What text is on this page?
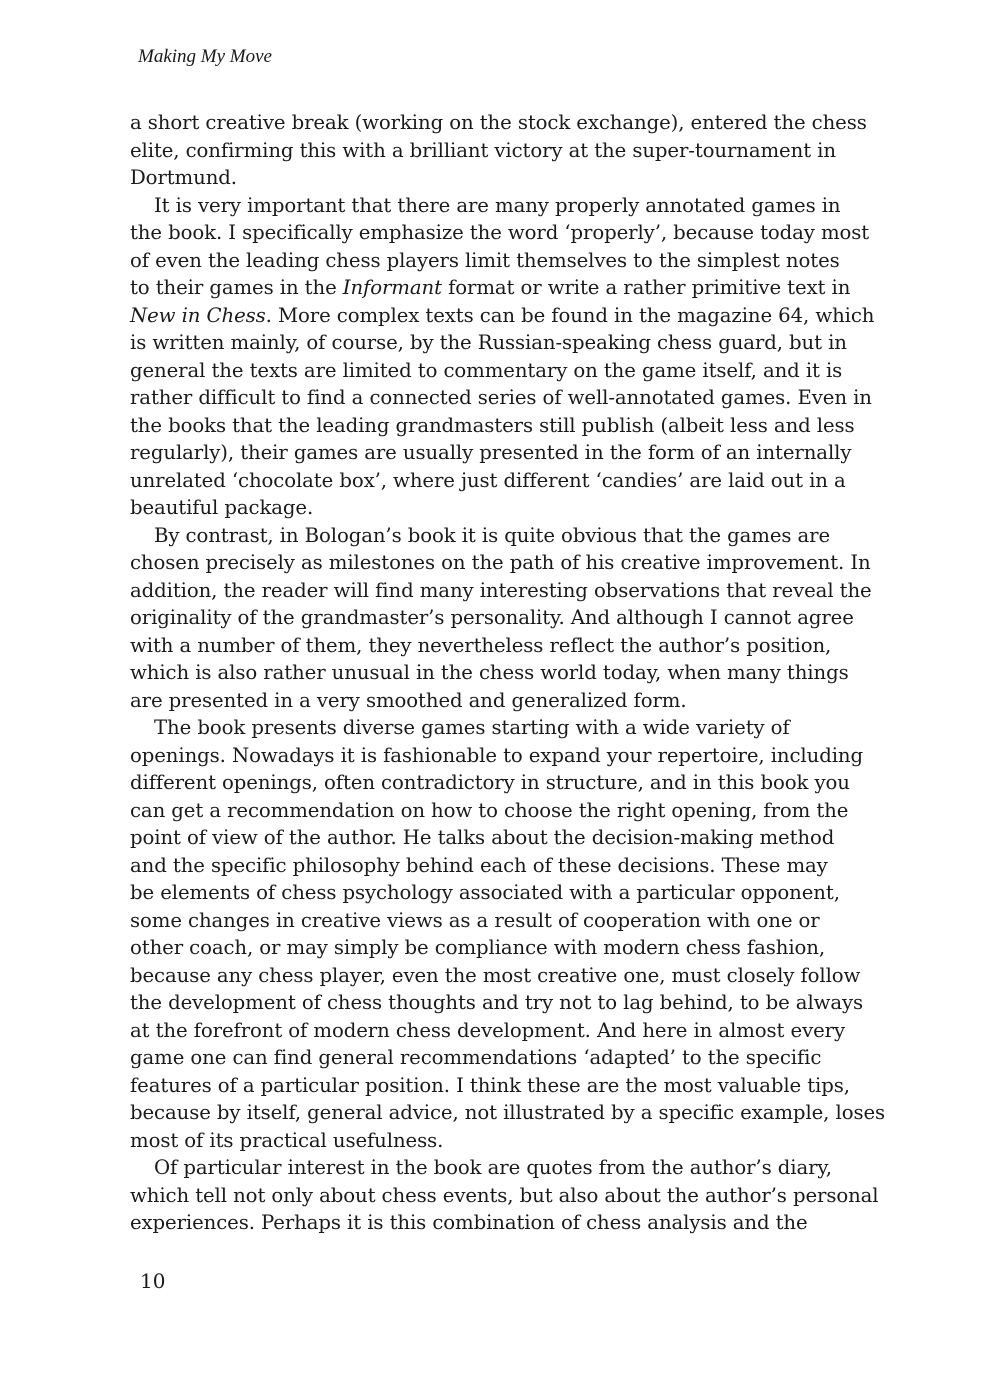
Making My Move
a short creative break (working on the stock exchange), entered the chess
elite, confirming this with a brilliant victory at the super-tournament in
Dortmund.
It is very important that there are many properly annotated games in
the book. I specifically emphasize the word ‘properly’, because today most
of even the leading chess players limit themselves to the simplest notes
to their games in the Informant format or write a rather primitive text in
New in Chess. More complex texts can be found in the magazine 64, which
is written mainly, of course, by the Russian-speaking chess guard, but in
general the texts are limited to commentary on the game itself, and it is
rather difficult to find a connected series of well-annotated games. Even in
the books that the leading grandmasters still publish (albeit less and less
regularly), their games are usually presented in the form of an internally
unrelated ‘chocolate box’, where just different ‘candies’ are laid out in a
beautiful package.
By contrast, in Bologan’s book it is quite obvious that the games are
chosen precisely as milestones on the path of his creative improvement. In
addition, the reader will find many interesting observations that reveal the
originality of the grandmaster’s personality. And although I cannot agree
with a number of them, they nevertheless reflect the author’s position,
which is also rather unusual in the chess world today, when many things
are presented in a very smoothed and generalized form.
The book presents diverse games starting with a wide variety of
openings. Nowadays it is fashionable to expand your repertoire, including
different openings, often contradictory in structure, and in this book you
can get a recommendation on how to choose the right opening, from the
point of view of the author. He talks about the decision-making method
and the specific philosophy behind each of these decisions. These may
be elements of chess psychology associated with a particular opponent,
some changes in creative views as a result of cooperation with one or
other coach, or may simply be compliance with modern chess fashion,
because any chess player, even the most creative one, must closely follow
the development of chess thoughts and try not to lag behind, to be always
at the forefront of modern chess development. And here in almost every
game one can find general recommendations ‘adapted’ to the specific
features of a particular position. I think these are the most valuable tips,
because by itself, general advice, not illustrated by a specific example, loses
most of its practical usefulness.
Of particular interest in the book are quotes from the author’s diary,
which tell not only about chess events, but also about the author’s personal
experiences. Perhaps it is this combination of chess analysis and the
10
